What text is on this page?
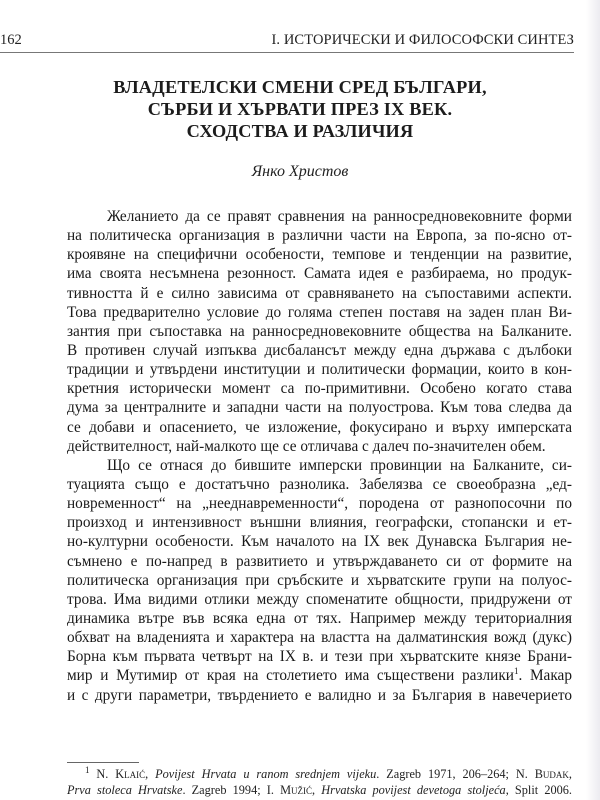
162	I. ИСТОРИЧЕСКИ И ФИЛОСОФСКИ СИНТЕЗ
ВЛАДЕТЕЛСКИ СМЕНИ СРЕД БЪЛГАРИ,
СЪРБИ И ХЪРВАТИ ПРЕЗ IX ВЕК.
СХОДСТВА И РАЗЛИЧИЯ
Янко Христов
Желанието да се правят сравнения на ранносредновековните форми
на политическа организация в различни части на Европа, за по-ясно от-
кроявяне на специфични особености, темпове и тенденции на развитие,
има своята несъмнена резонност. Самата идея е разбираема, но продук-
тивността й е силно зависима от сравняването на съпоставими аспекти.
Това предварително условие до голяма степен поставя на заден план Ви-
зантия при съпоставка на ранносредновековните общества на Балканите.
В противен случай изпъква дисбалансът между една държава с дълбоки
традиции и утвърдени институции и политически формации, които в кон-
кретния исторически момент са по-примитивни. Особено когато става
дума за централните и западни части на полуострова. Към това следва да
се добави и опасението, че изложение, фокусирано и върху имперската
действителност, най-малкото ще се отличава с далеч по-значителен обем.
Що се отнася до бившите имперски провинции на Балканите, си-
туацията също е достатъчно разнолика. Забелязва се своеобразна „ед-
новременност“ на „нееднавременности“, породена от разнопосочни по
произход и интензивност външни влияния, географски, стопански и ет-
но-културни особености. Към началото на IX век Дунавска България не-
съмнено е по-напред в развитието и утвърждаването си от формите на
политическа организация при сръбските и хърватските групи на полуос-
трова. Има видими отлики между споменатите общности, придружени от
динамика вътре във всяка една от тях. Например между териториалния
обхват на владенията и характера на властта на далматинския вожд (дукс)
Борна към първата четвърт на IX в. и тези при хърватските князе Брани-
мир и Мутимир от края на столетието има съществени разлики$^1$. Макар
и с други параметри, твърдението е валидно и за България в навечерието
$^1$ N. Klaić, Povijest Hrvata u ranom srednjem vijeku. Zagreb 1971, 206–264; N. Budak,
Prva stoleca Hrvatske. Zagreb 1994; I. Mužić, Hrvatska povijest devetoga stoljeća, Split 2006.
